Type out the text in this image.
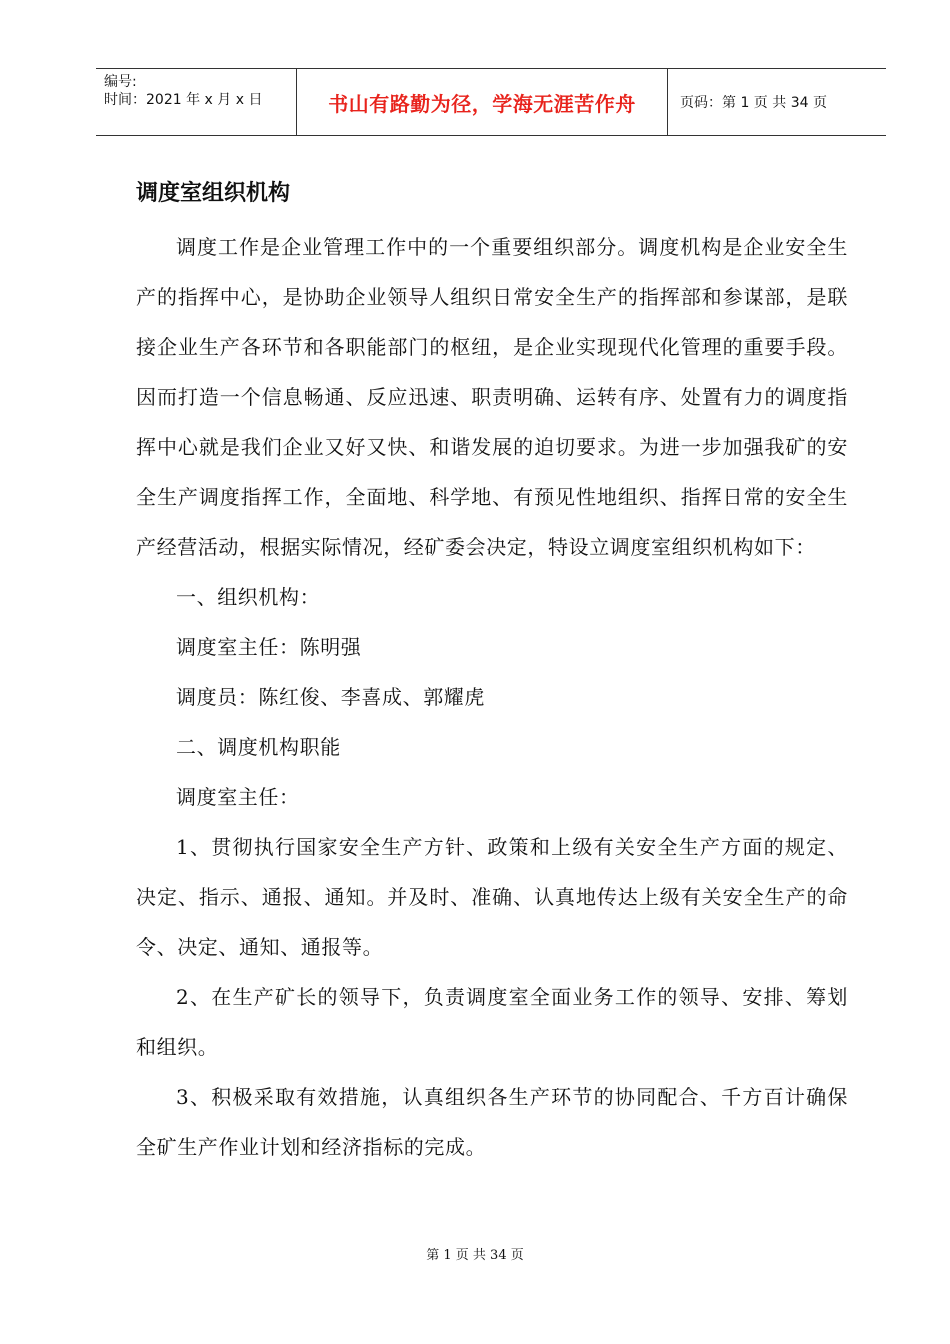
编号:
时间：2021 年 x 月 x 日	书山有路勤为径，学海无涯苦作舟	页码：第 1 页 共 34 页
调度室组织机构

调度工作是企业管理工作中的一个重要组织部分。调度机构是企业安全生产的指挥中心，是协助企业领导人组织日常安全生产的指挥部和参谋部，是联接企业生产各环节和各职能部门的枢纽，是企业实现现代化管理的重要手段。因而打造一个信息畅通、反应迅速、职责明确、运转有序、处置有力的调度指挥中心就是我们企业又好又快、和谐发展的迫切要求。为进一步加强我矿的安全生产调度指挥工作，全面地、科学地、有预见性地组织、指挥日常的安全生产经营活动，根据实际情况，经矿委会决定，特设立调度室组织机构如下：

一、组织机构：

调度室主任：陈明强

调度员：陈红俊、李喜成、郭耀虎

二、调度机构职能

调度室主任：

1、贯彻执行国家安全生产方针、政策和上级有关安全生产方面的规定、决定、指示、通报、通知。并及时、准确、认真地传达上级有关安全生产的命令、决定、通知、通报等。

2、在生产矿长的领导下，负责调度室全面业务工作的领导、安排、筹划和组织。

3、积极采取有效措施，认真组织各生产环节的协同配合、千方百计确保全矿生产作业计划和经济指标的完成。

第 1 页 共 34 页
